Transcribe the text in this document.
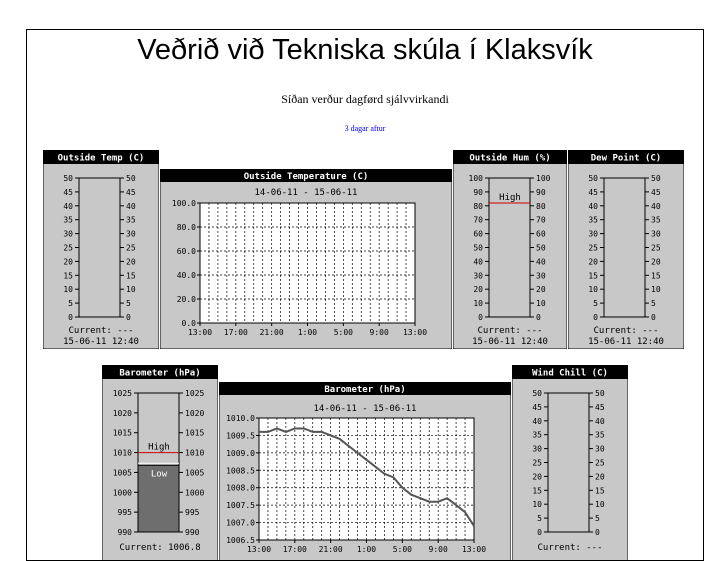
Veðrið við Tekniska skúla í Klaksvík
Síðan verður dagførd sjálvvirkandi
3 dagar aftur
Outside Temp (C)
50	50
45	45
40	40
35	35
30	30
25	25
20	20
15	15
10	10
5	5
0	0
Current: ---
15-06-11 12:40
Outside Temperature (C)
14-06-11 - 15-06-11
100.0
80.0
60.0
40.0
20.0
0.0
13:00 17:00 21:00 1:00 5:00 9:00 13:00
Outside Hum (%)
100	100
90	90
80	80
70	70
60	60
50	50
40	40
30	30
20	20
10	10
0	0
High
Current: ---
15-06-11 12:40
Dew Point (C)
50	50
45	45
40	40
35	35
30	30
25	25
20	20
15	15
10	10
5	5
0	0
Current: ---
15-06-11 12:40
Barometer (hPa)
1025	1025
1020	1020
1015	1015
1010	1010
1005	1005
1000	1000
995	995
990	990
High
Low
Current: 1006.8
Barometer (hPa)
14-06-11 - 15-06-11
1010.0
1009.5
1009.0
1008.5
1008.0
1007.5
1007.0
1006.5
13:00 17:00 21:00 1:00 5:00 9:00 13:00
Wind Chill (C)
50	50
45	45
40	40
35	35
30	30
25	25
20	20
15	15
10	10
5	5
0	0
Current: ---
